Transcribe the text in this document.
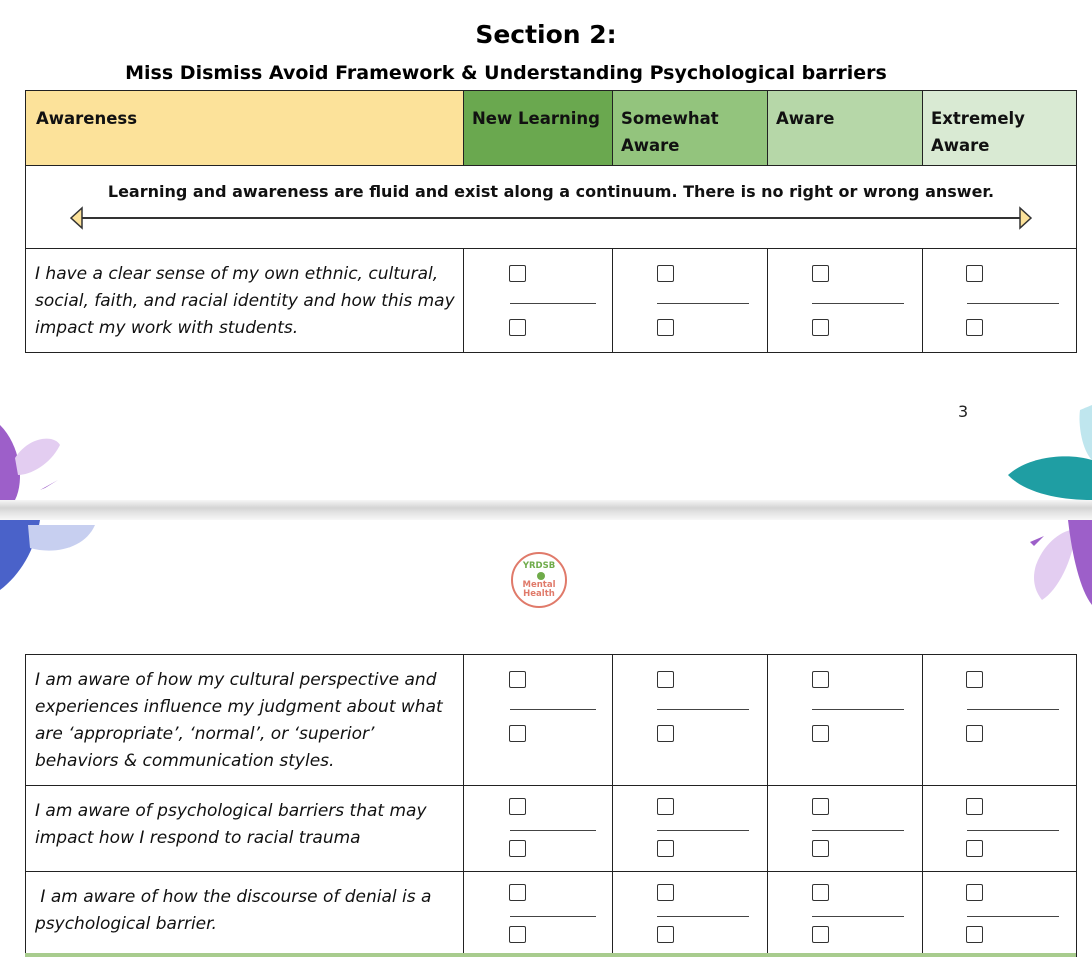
Section 2:
Miss Dismiss Avoid Framework & Understanding Psychological barriers
Awareness	New Learning	Somewhat Aware	Aware	Extremely Aware

Learning and awareness are fluid and exist along a continuum. There is no right or wrong answer.				

I have a clear sense of my own ethnic, cultural, social, faith, and racial identity and how this may impact my work with students.	

3
YRDSB
Mental
Health
I am aware of how my cultural perspective and experiences influence my judgment about what are ‘appropriate’, ‘normal’, or ‘superior’ behaviors & communication styles.	

I am aware of psychological barriers that may impact how I respond to racial trauma	

I am aware of how the discourse of denial is a psychological barrier.	
